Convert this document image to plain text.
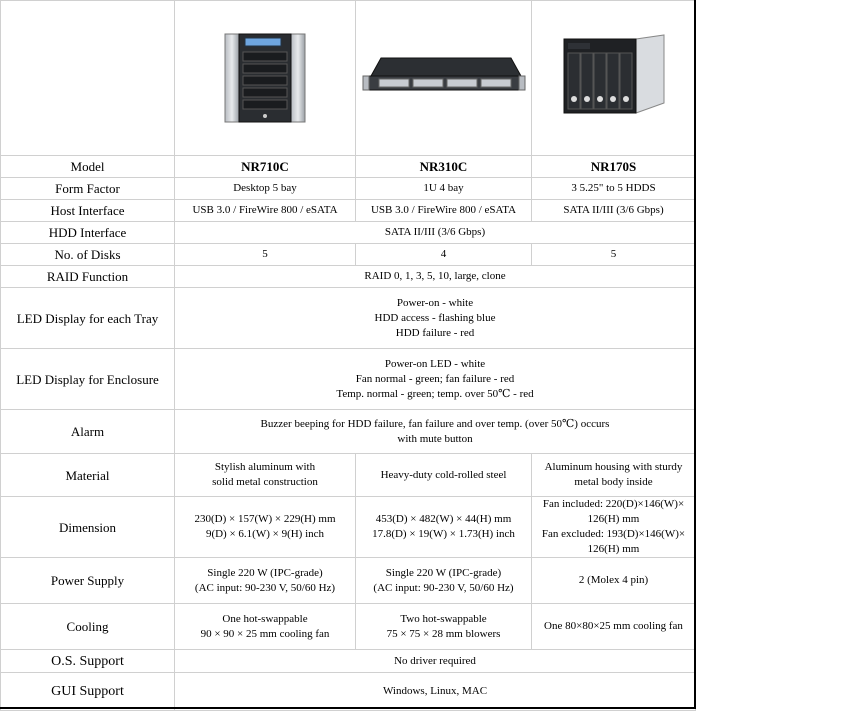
Model	NR710C	NR310C	NR170S
Form Factor	Desktop 5 bay	1U 4 bay	3 5.25" to 5 HDDS
Host Interface	USB 3.0 / FireWire 800 / eSATA	USB 3.0 / FireWire 800 / eSATA	SATA II/III (3/6 Gbps)
HDD Interface	SATA II/III (3/6 Gbps)		
No. of Disks	5	4	5
RAID Function	RAID 0, 1, 3, 5, 10, large, clone		
LED Display for each Tray	Power-on - white
HDD access - flashing blue
HDD failure - red		

LED Display for Enclosure	Power-on LED - white
Fan normal - green; fan failure - red
Temp. normal - green; temp. over 50℃ - red		

Alarm	Buzzer beeping for HDD failure, fan failure and over temp. (over 50℃) occurs
with mute button		

Material	Stylish aluminum with
solid metal construction	Heavy-duty cold-rolled steel	Aluminum housing with sturdy
metal body inside

Dimension	230(D) × 157(W) × 229(H) mm
9(D) × 6.1(W) × 9(H) inch	453(D) × 482(W) × 44(H) mm
17.8(D) × 19(W) × 1.73(H) inch	Fan included: 220(D)×146(W)×
126(H) mm
Fan excluded: 193(D)×146(W)×
126(H) mm

Power Supply	Single 220 W (IPC-grade)
(AC input: 90-230 V, 50/60 Hz)	Single 220 W (IPC-grade)
(AC input: 90-230 V, 50/60 Hz)	2 (Molex 4 pin)

Cooling	One hot-swappable
90 × 90 × 25 mm cooling fan	Two hot-swappable
75 × 75 × 28 mm blowers	One 80×80×25 mm cooling fan

O.S. Support	No driver required		
GUI Support	Windows, Linux, MAC		
